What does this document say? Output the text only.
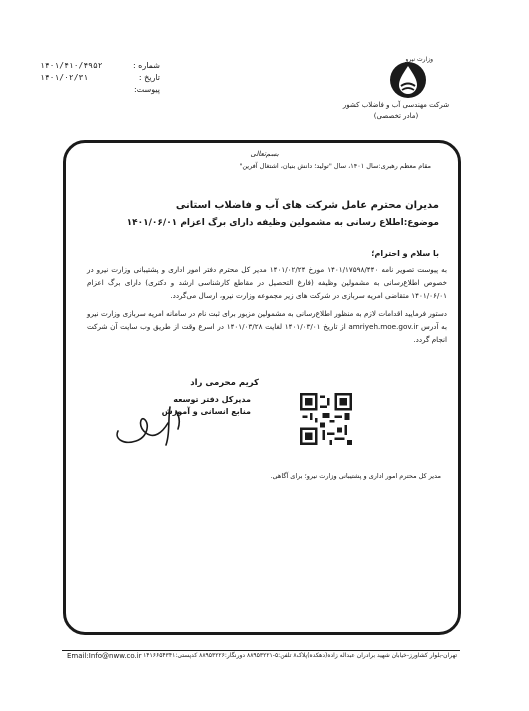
شماره :
تاریخ :
پیوست:
۱۴۰۱/۴۱۰/۴۹۵۲
۱۴۰۱/۰۲/۳۱
وزارت نیرو
شرکت مهندسی آب و فاضلاب کشور
(مادر تخصصی)
بسم‌تعالی
مقام معظم رهبری:سال ۱۴۰۱، سال "تولید؛ دانش بنیان، اشتغال آفرین"
مدیران محترم عامل شرکت های آب و فاضلاب استانی
موضوع:اطلاع رسانی به مشمولین وظیفه دارای برگ اعزام ۱۴۰۱/۰۶/۰۱
با سلام و احترام؛
به پیوست تصویر نامه ۱۴۰۱/۱۷۵۹۸/۴۴۰ مورخ ۱۴۰۱/۰۲/۲۴ مدیر کل محترم دفتر امور اداری و پشتیبانی وزارت نیرو در خصوص اطلاع‌رسانی به مشمولین وظیفه (فارغ التحصیل در مقاطع کارشناسی ارشد و دکتری) دارای برگ اعزام ۱۴۰۱/۰۶/۰۱ متقاضی امریه سربازی در شرکت های زیر مجموعه وزارت نیرو، ارسال می‌گردد.
دستور فرمایید اقدامات لازم به منظور اطلاع‌رسانی به مشمولین مزبور برای ثبت نام در سامانه امریه سربازی وزارت نیرو به آدرس amriyeh.moe.gov.ir از تاریخ ۱۴۰۱/۰۳/۰۱ لغایت ۱۴۰۱/۰۳/۲۸ در اسرع وقت از طریق وب سایت آن شرکت انجام گردد.
کریم محرمی راد
مدیرکل دفتر توسعه منابع انسانی و آموزش
مدیر کل محترم امور اداری و پشتیبانی وزارت نیرو؛ برای آگاهی.
Email:Info@nww.co.ir تهران-بلوار کشاورز-خیابان شهید برادران عبداله زاده(دهکده)پلاک۸ تلفن:۵-۸۸۹۵۳۲۲۱ دورنگار:۸۸۹۵۳۲۲۶ کدپستی:۱۴۱۶۶۵۴۳۴۱
